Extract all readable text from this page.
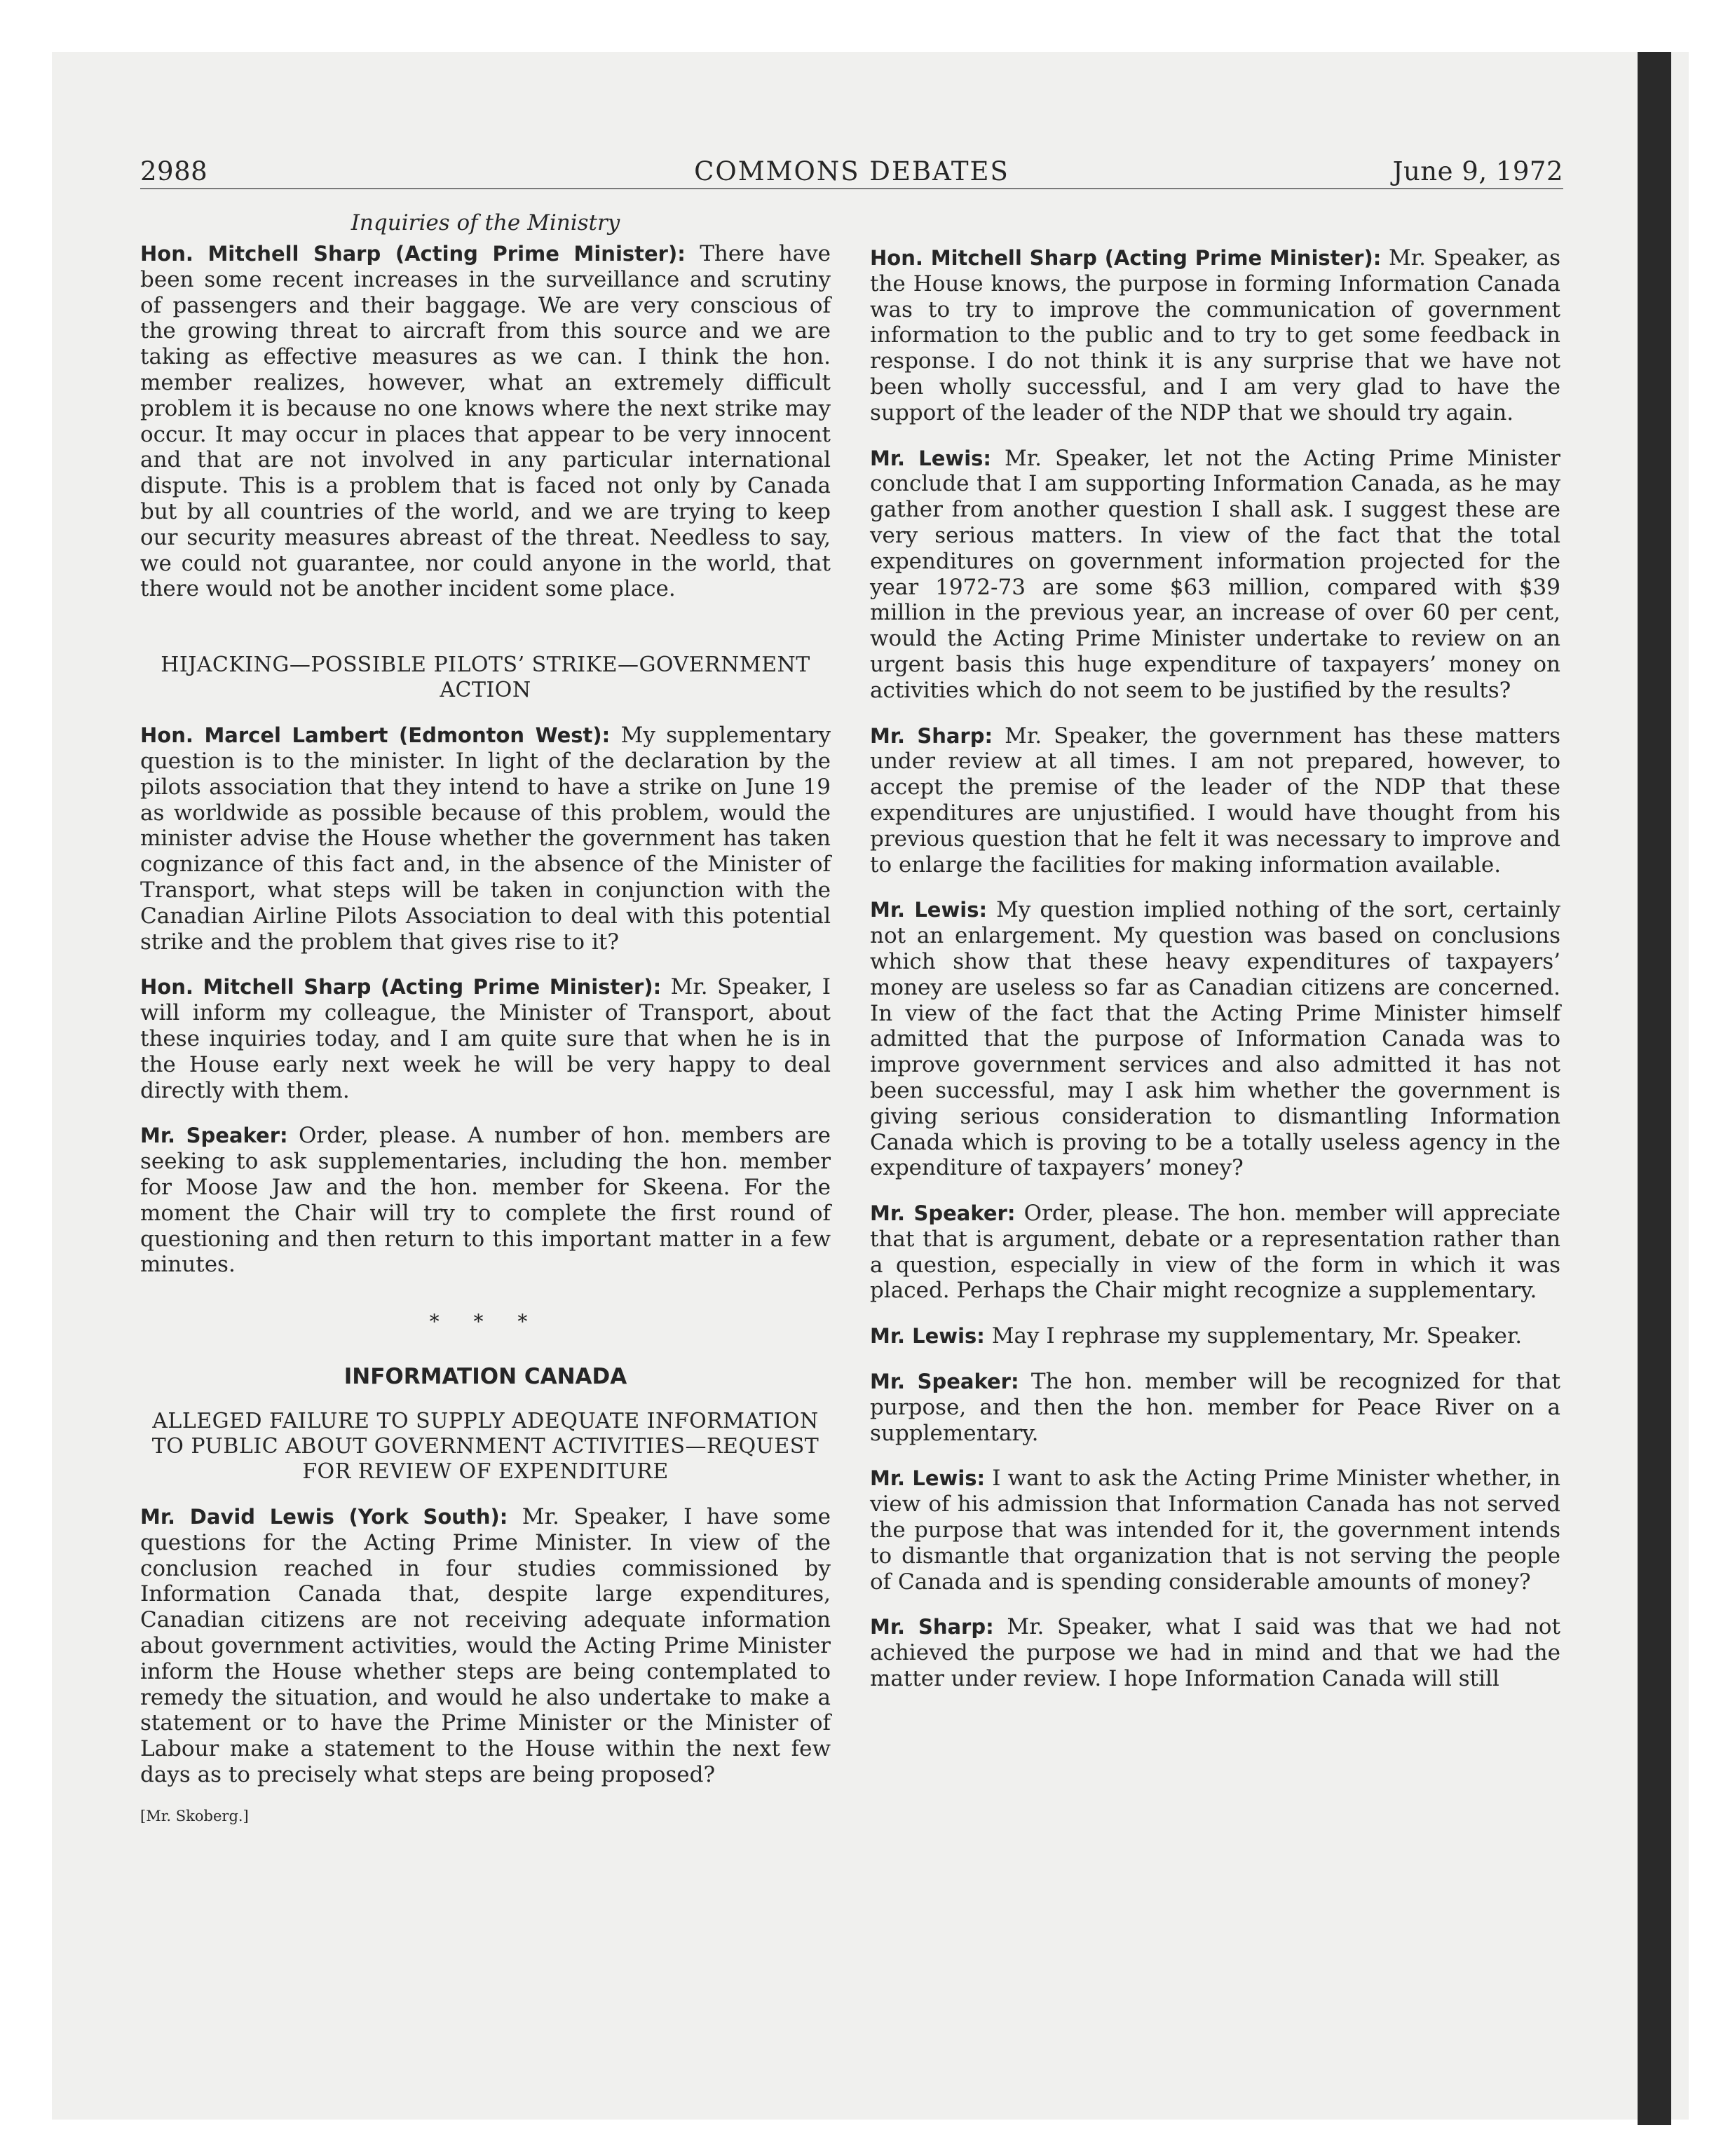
2988	COMMONS DEBATES	June 9, 1972
Inquiries of the Ministry

Hon. Mitchell Sharp (Acting Prime Minister): There have been some recent increases in the surveillance and scrutiny of passengers and their baggage. We are very conscious of the growing threat to aircraft from this source and we are taking as effective measures as we can. I think the hon. member realizes, however, what an extremely difficult problem it is because no one knows where the next strike may occur. It may occur in places that appear to be very innocent and that are not involved in any particular international dispute. This is a problem that is faced not only by Canada but by all countries of the world, and we are trying to keep our security measures abreast of the threat. Needless to say, we could not guarantee, nor could anyone in the world, that there would not be another incident some place.

HIJACKING—POSSIBLE PILOTS’ STRIKE—GOVERNMENT ACTION

Hon. Marcel Lambert (Edmonton West): My supplementary question is to the minister. In light of the declaration by the pilots association that they intend to have a strike on June 19 as worldwide as possible because of this problem, would the minister advise the House whether the government has taken cognizance of this fact and, in the absence of the Minister of Transport, what steps will be taken in conjunction with the Canadian Airline Pilots Association to deal with this potential strike and the problem that gives rise to it?

Hon. Mitchell Sharp (Acting Prime Minister): Mr. Speaker, I will inform my colleague, the Minister of Transport, about these inquiries today, and I am quite sure that when he is in the House early next week he will be very happy to deal directly with them.

Mr. Speaker: Order, please. A number of hon. members are seeking to ask supplementaries, including the hon. member for Moose Jaw and the hon. member for Skeena. For the moment the Chair will try to complete the first round of questioning and then return to this important matter in a few minutes.

* * *
INFORMATION CANADA
ALLEGED FAILURE TO SUPPLY ADEQUATE INFORMATION TO PUBLIC ABOUT GOVERNMENT ACTIVITIES—REQUEST FOR REVIEW OF EXPENDITURE

Mr. David Lewis (York South): Mr. Speaker, I have some questions for the Acting Prime Minister. In view of the conclusion reached in four studies commissioned by Information Canada that, despite large expenditures, Canadian citizens are not receiving adequate information about government activities, would the Acting Prime Minister inform the House whether steps are being contemplated to remedy the situation, and would he also undertake to make a statement or to have the Prime Minister or the Minister of Labour make a statement to the House within the next few days as to precisely what steps are being proposed?

[Mr. Skoberg.]

Hon. Mitchell Sharp (Acting Prime Minister): Mr. Speaker, as the House knows, the purpose in forming Information Canada was to try to improve the communication of government information to the public and to try to get some feedback in response. I do not think it is any surprise that we have not been wholly successful, and I am very glad to have the support of the leader of the NDP that we should try again.

Mr. Lewis: Mr. Speaker, let not the Acting Prime Minister conclude that I am supporting Information Canada, as he may gather from another question I shall ask. I suggest these are very serious matters. In view of the fact that the total expenditures on government information projected for the year 1972-73 are some $63 million, compared with $39 million in the previous year, an increase of over 60 per cent, would the Acting Prime Minister undertake to review on an urgent basis this huge expenditure of taxpayers’ money on activities which do not seem to be justified by the results?

Mr. Sharp: Mr. Speaker, the government has these matters under review at all times. I am not prepared, however, to accept the premise of the leader of the NDP that these expenditures are unjustified. I would have thought from his previous question that he felt it was necessary to improve and to enlarge the facilities for making information available.

Mr. Lewis: My question implied nothing of the sort, certainly not an enlargement. My question was based on conclusions which show that these heavy expenditures of taxpayers’ money are useless so far as Canadian citizens are concerned. In view of the fact that the Acting Prime Minister himself admitted that the purpose of Information Canada was to improve government services and also admitted it has not been successful, may I ask him whether the government is giving serious consideration to dismantling Information Canada which is proving to be a totally useless agency in the expenditure of taxpayers’ money?

Mr. Speaker: Order, please. The hon. member will appreciate that that is argument, debate or a representation rather than a question, especially in view of the form in which it was placed. Perhaps the Chair might recognize a supplementary.

Mr. Lewis: May I rephrase my supplementary, Mr. Speaker.

Mr. Speaker: The hon. member will be recognized for that purpose, and then the hon. member for Peace River on a supplementary.

Mr. Lewis: I want to ask the Acting Prime Minister whether, in view of his admission that Information Canada has not served the purpose that was intended for it, the government intends to dismantle that organization that is not serving the people of Canada and is spending considerable amounts of money?

Mr. Sharp: Mr. Speaker, what I said was that we had not achieved the purpose we had in mind and that we had the matter under review. I hope Information Canada will still
